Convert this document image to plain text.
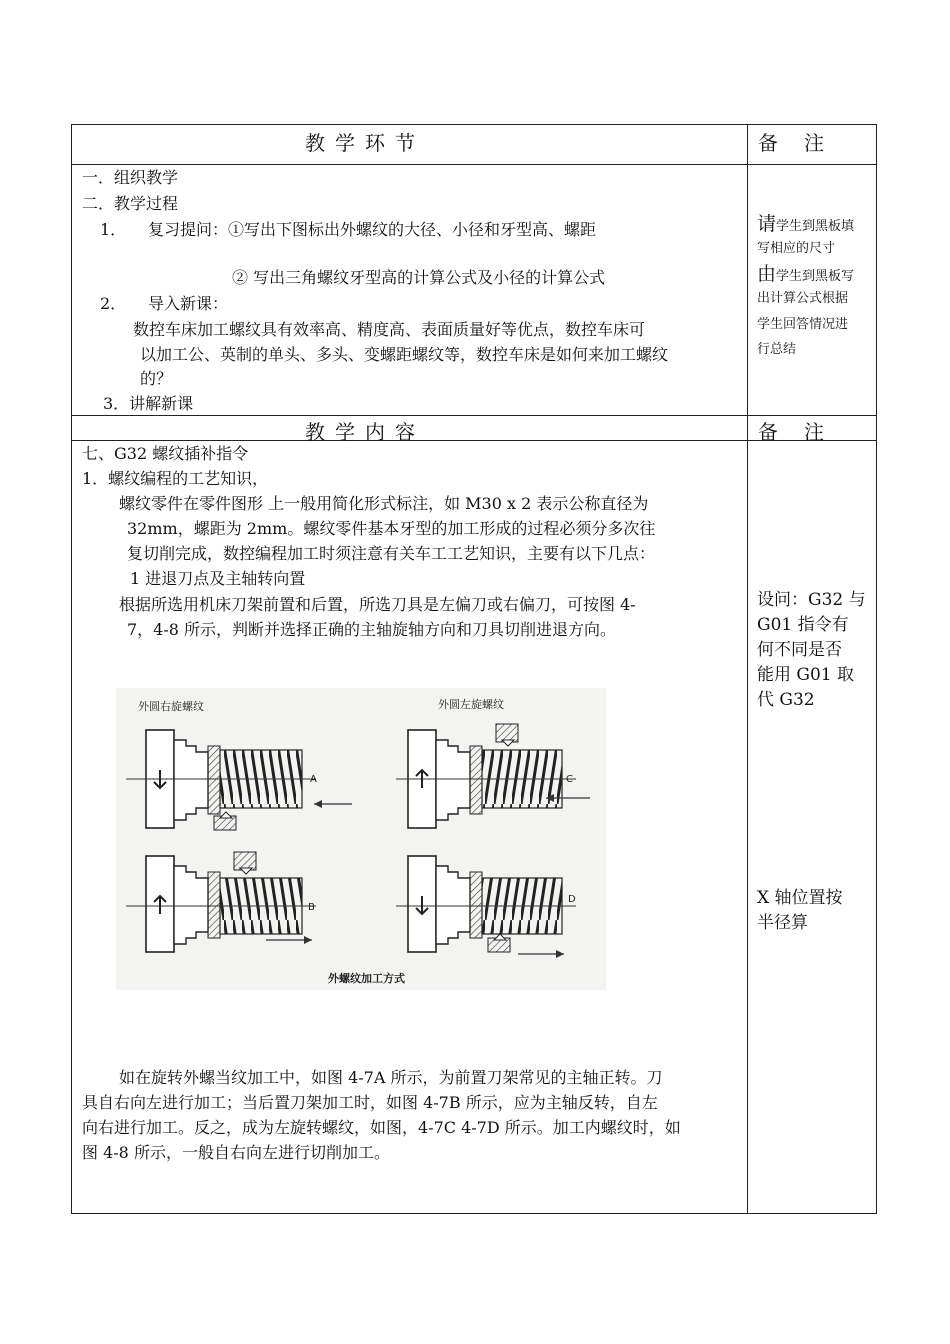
教学环节	备注
一．组织教学
二．教学过程
1． 复习提问：①写出下图标出外螺纹的大径、小径和牙型高、螺距
② 写出三角螺纹牙型高的计算公式及小径的计算公式
2． 导入新课：
数控车床加工螺纹具有效率高、精度高、表面质量好等优点，数控车床可
以加工公、英制的单头、多头、变螺距螺纹等，数控车床是如何来加工螺纹
的？
3．讲解新课
请学生到黑板填
写相应的尺寸
由学生到黑板写
出计算公式根据
学生回答情况进
行总结
教学内容	备注
七、G32 螺纹插补指令
1．螺纹编程的工艺知识，
螺纹零件在零件图形 上一般用简化形式标注，如 M30 x 2 表示公称直径为
32mm，螺距为 2mm。螺纹零件基本牙型的加工形成的过程必须分多次往
复切削完成，数控编程加工时须注意有关车工工艺知识，主要有以下几点：
1 进退刀点及主轴转向置
根据所选用机床刀架前置和后置，所选刀具是左偏刀或右偏刀，可按图 4-
7，4-8 所示，判断并选择正确的主轴旋轴方向和刀具切削进退方向。
外圆右旋螺纹
A
外圆左旋螺纹
C
B
D
外螺纹加工方式
如在旋转外螺当纹加工中，如图 4-7A 所示，为前置刀架常见的主轴正转。刀
具自右向左进行加工；当后置刀架加工时，如图 4-7B 所示，应为主轴反转，自左
向右进行加工。反之，成为左旋转螺纹，如图，4-7C 4-7D 所示。加工内螺纹时，如
图 4-8 所示，一般自右向左进行切削加工。
设问：G32 与
G01 指令有
何不同是否
能用 G01 取
代 G32
X 轴位置按
半径算
